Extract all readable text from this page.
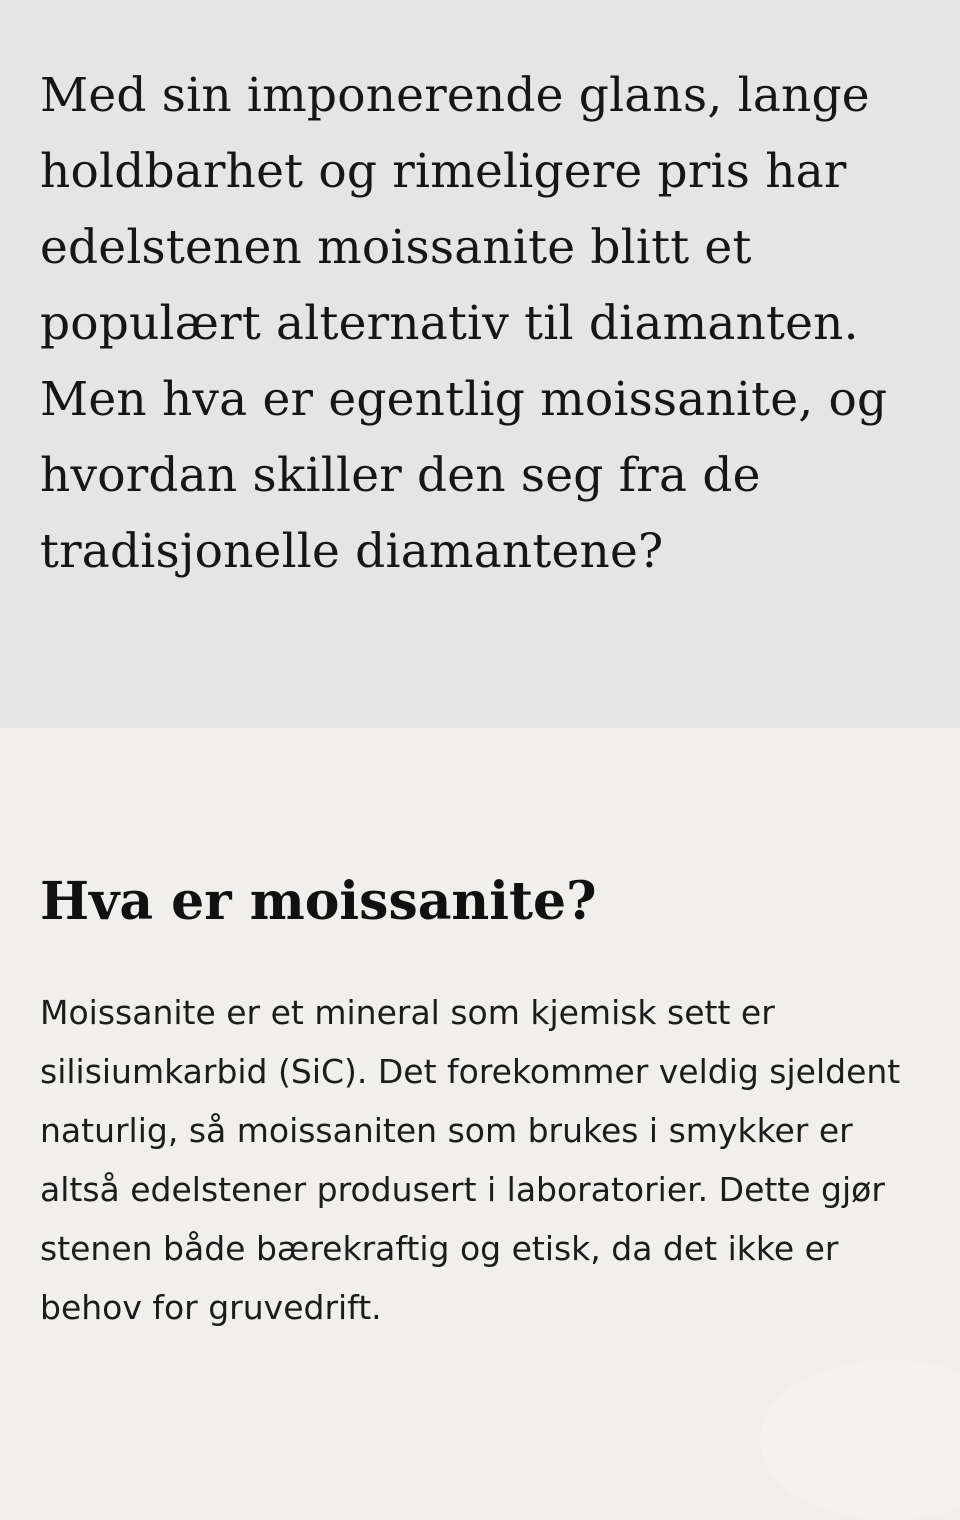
Med sin imponerende glans, lange holdbarhet og rimeligere pris har edelstenen moissanite blitt et populært alternativ til diamanten. Men hva er egentlig moissanite, og hvordan skiller den seg fra de tradisjonelle diamantene?

Hva er moissanite?

Moissanite er et mineral som kjemisk sett er silisiumkarbid (SiC). Det forekommer veldig sjeldent naturlig, så moissaniten som brukes i smykker er altså edelstener produsert i laboratorier. Dette gjør stenen både bærekraftig og etisk, da det ikke er behov for gruvedrift.
